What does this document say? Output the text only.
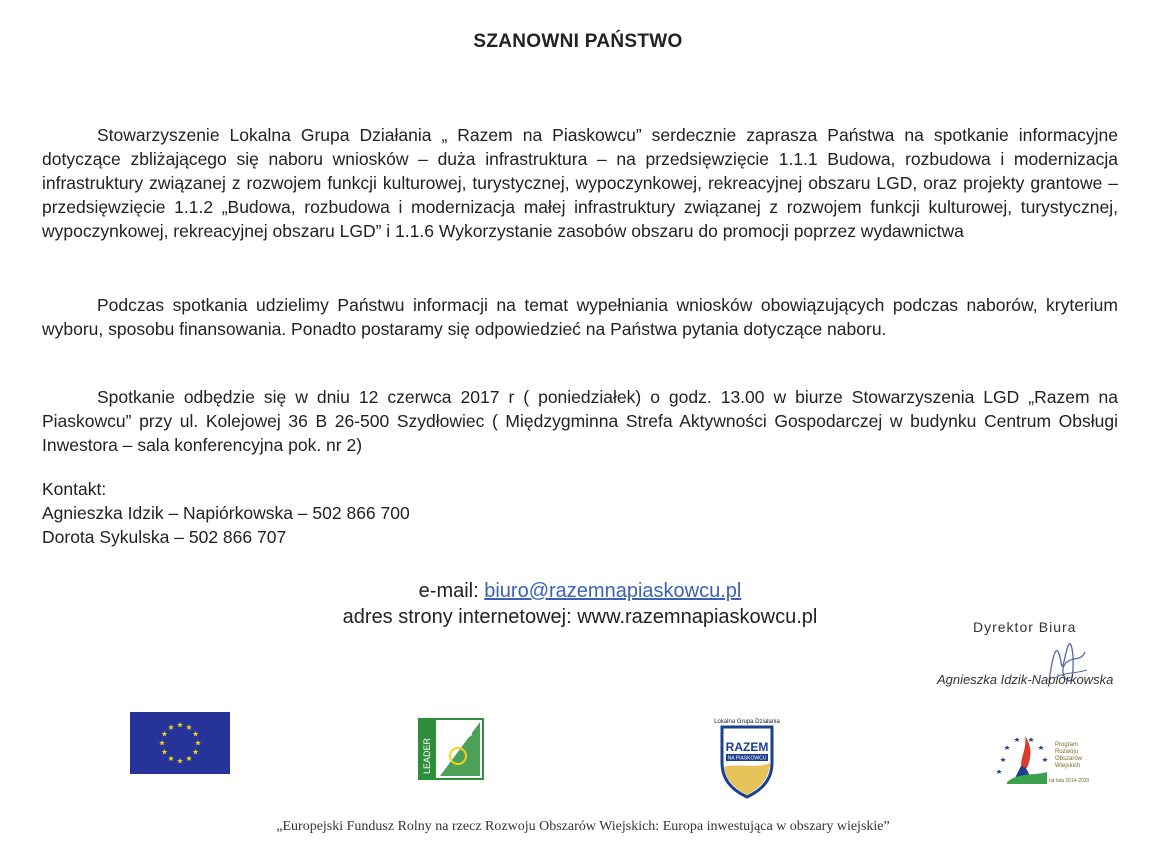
SZANOWNI PAŃSTWO

Stowarzyszenie Lokalna Grupa Działania „ Razem na Piaskowcu” serdecznie zaprasza Państwa na spotkanie informacyjne dotyczące zbliżającego się naboru wniosków – duża infrastruktura – na przedsięwzięcie 1.1.1 Budowa, rozbudowa i modernizacja infrastruktury związanej z rozwojem funkcji kulturowej, turystycznej, wypoczynkowej, rekreacyjnej obszaru LGD, oraz projekty grantowe – przedsięwzięcie 1.1.2 „Budowa, rozbudowa i modernizacja małej infrastruktury związanej z rozwojem funkcji kulturowej, turystycznej, wypoczynkowej, rekreacyjnej obszaru LGD” i 1.1.6 Wykorzystanie zasobów obszaru do promocji poprzez wydawnictwa

Podczas spotkania udzielimy Państwu informacji na temat wypełniania wniosków obowiązujących podczas naborów, kryterium wyboru, sposobu finansowania. Ponadto postaramy się odpowiedzieć na Państwa pytania dotyczące naboru.

Spotkanie odbędzie się w dniu 12 czerwca 2017 r ( poniedziałek) o godz. 13.00 w biurze Stowarzyszenia LGD „Razem na Piaskowcu” przy ul. Kolejowej 36 B 26-500 Szydłowiec ( Międzygminna Strefa Aktywności Gospodarczej w budynku Centrum Obsługi Inwestora – sala konferencyjna pok. nr 2)

Kontakt:
Agnieszka Idzik – Napiórkowska – 502 866 700
Dorota Sykulska – 502 866 707
e-mail: biuro@razemnapiaskowcu.pl
adres strony internetowej: www.razemnapiaskowcu.pl	Dyrektor Biura
Agnieszka Idzik-Napiórkowska
LEADER
Lokalna Grupa Działania
RAZEM
NA PIASKOWCU
Program Rozwoju Obszarów Wiejskich na lata 2014-2020
„Europejski Fundusz Rolny na rzecz Rozwoju Obszarów Wiejskich: Europa inwestująca w obszary wiejskie”
